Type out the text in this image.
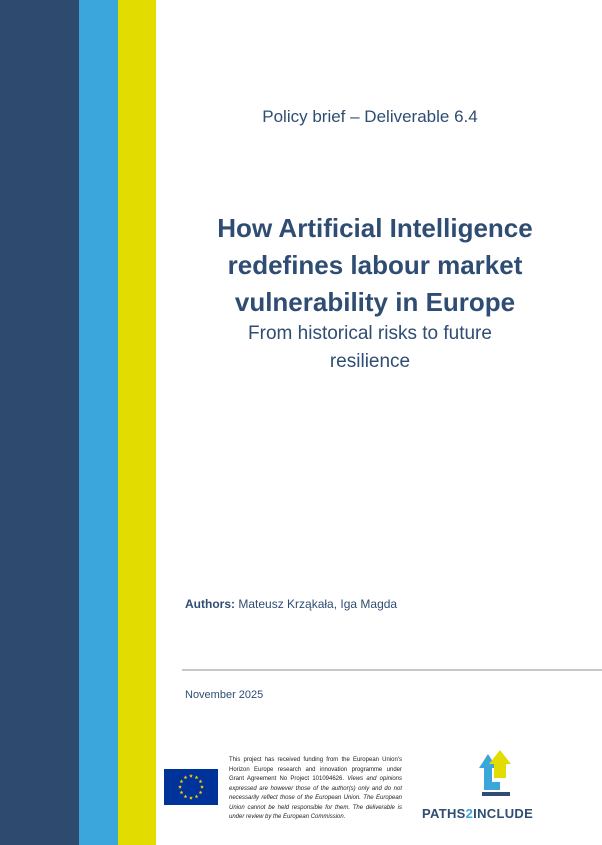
Policy brief – Deliverable 6.4
How Artificial Intelligence
redefines labour market
vulnerability in Europe
From historical risks to future
resilience
Authors: Mateusz Krząkała, Iga Magda
November 2025
This project has received funding from the European Union's Horizon Europe research and innovation programme under Grant Agreement No Project 101094626. Views and opinions expressed are however those of the author(s) only and do not necessarily reflect those of the European Union. The European Union cannot be held responsible for them. The deliverable is under review by the European Commission.	PATHS2INCLUDE
